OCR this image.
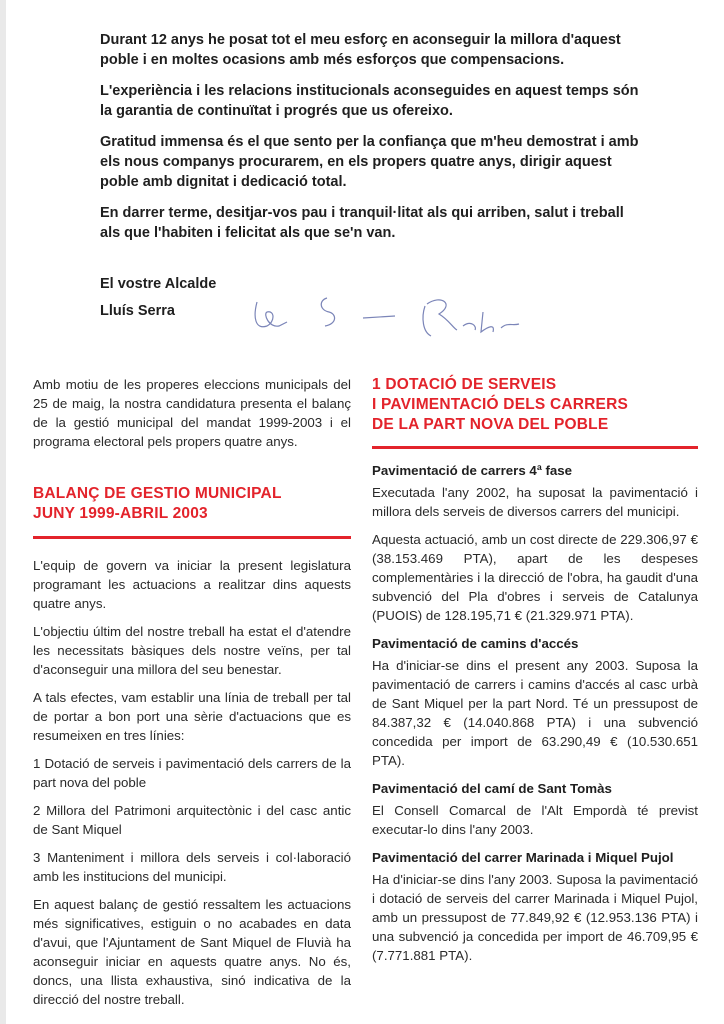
Durant 12 anys he posat tot el meu esforç en aconseguir la millora d'aquest poble i en moltes ocasions amb més esforços que compensacions.

L'experiència i les relacions institucionals aconseguides en aquest temps són la garantia de continuïtat i progrés que us ofereixo.

Gratitud immensa és el que sento per la confiança que m'heu demostrat i amb els nous companys procurarem, en els propers quatre anys, dirigir aquest poble amb dignitat i dedicació total.

En darrer terme, desitjar-vos pau i tranquil·litat als qui arriben, salut i treball als que l'habiten i felicitat als que se'n van.

El vostre Alcalde
Lluís Serra

Amb motiu de les properes eleccions municipals del 25 de maig, la nostra candidatura presenta el balanç de la gestió municipal del mandat 1999-2003 i el programa electoral pels propers quatre anys.

BALANÇ DE GESTIO MUNICIPAL
JUNY 1999-ABRIL 2003

L'equip de govern va iniciar la present legislatura programant les actuacions a realitzar dins aquests quatre anys.

L'objectiu últim del nostre treball ha estat el d'atendre les necessitats bàsiques dels nostre veïns, per tal d'aconseguir una millora del seu benestar.

A tals efectes, vam establir una línia de treball per tal de portar a bon port una sèrie d'actuacions que es resumeixen en tres línies:

1 Dotació de serveis i pavimentació dels carrers de la part nova del poble

2 Millora del Patrimoni arquitectònic i del casc antic de Sant Miquel

3 Manteniment i millora dels serveis i col·laboració amb les institucions del municipi.

En aquest balanç de gestió ressaltem les actuacions més significatives, estiguin o no acabades en data d'avui, que l'Ajuntament de Sant Miquel de Fluvià ha aconseguir iniciar en aquests quatre anys. No és, doncs, una llista exhaustiva, sinó indicativa de la direcció del nostre treball.

1 DOTACIÓ DE SERVEIS
I PAVIMENTACIÓ DELS CARRERS
DE LA PART NOVA DEL POBLE
Pavimentació de carrers 4ª fase

Executada l'any 2002, ha suposat la pavimentació i millora dels serveis de diversos carrers del municipi.

Aquesta actuació, amb un cost directe de 229.306,97 € (38.153.469 PTA), apart de les despeses complementàries i la direcció de l'obra, ha gaudit d'una subvenció del Pla d'obres i serveis de Catalunya (PUOIS) de 128.195,71 € (21.329.971 PTA).

Pavimentació de camins d'accés

Ha d'iniciar-se dins el present any 2003. Suposa la pavimentació de carrers i camins d'accés al casc urbà de Sant Miquel per la part Nord. Té un pressupost de 84.387,32 € (14.040.868 PTA) i una subvenció concedida per import de 63.290,49 € (10.530.651 PTA).

Pavimentació del camí de Sant Tomàs

El Consell Comarcal de l'Alt Empordà té previst executar-lo dins l'any 2003.

Pavimentació del carrer Marinada i Miquel Pujol

Ha d'iniciar-se dins l'any 2003. Suposa la pavimentació i dotació de serveis del carrer Marinada i Miquel Pujol, amb un pressupost de 77.849,92 € (12.953.136 PTA) i una subvenció ja concedida per import de 46.709,95 € (7.771.881 PTA).
